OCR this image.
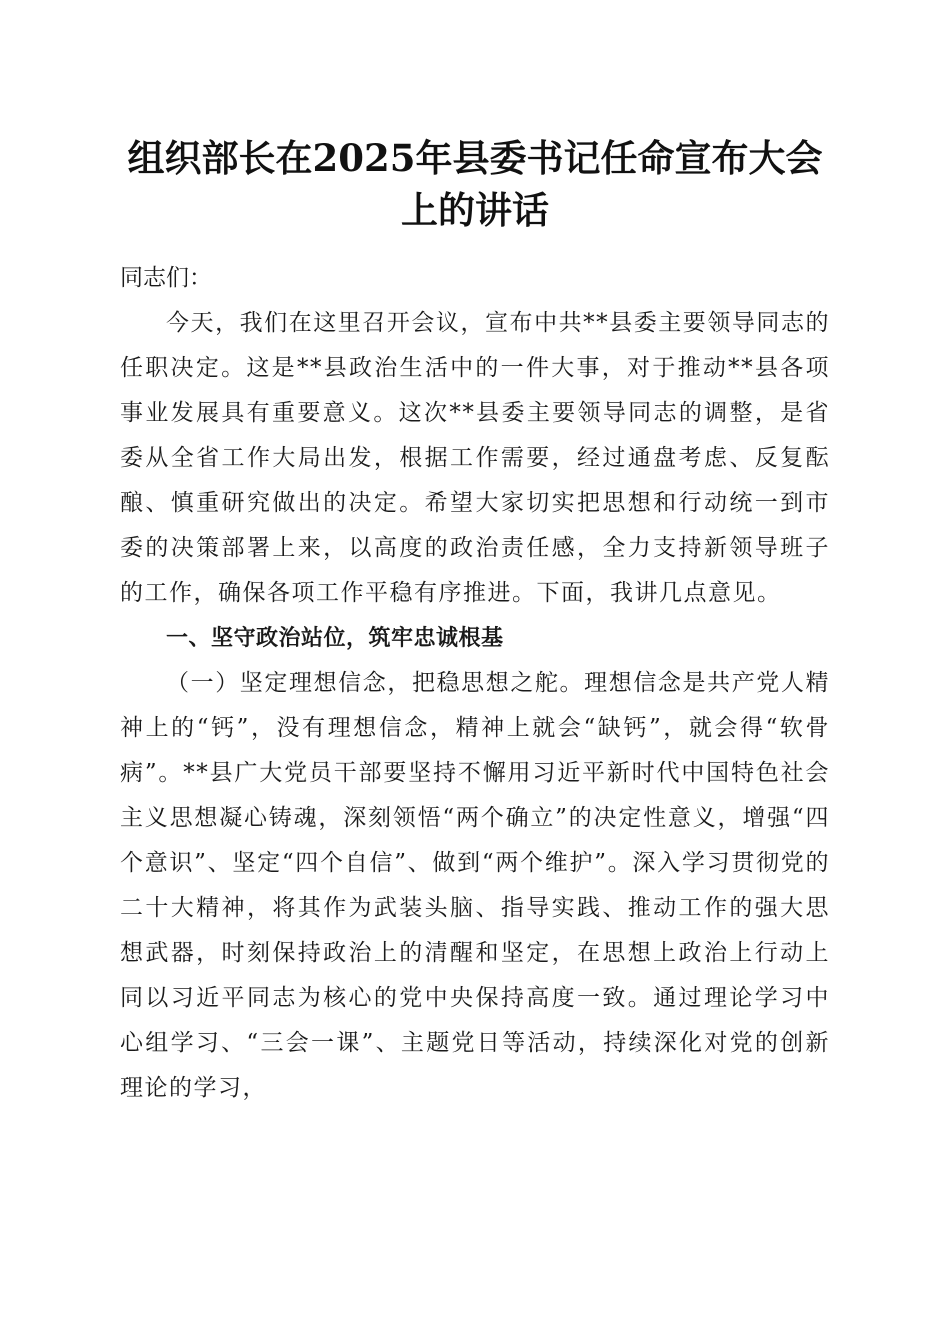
组织部长在2025年县委书记任命宣布大会上的讲话

同志们：

今天，我们在这里召开会议，宣布中共**县委主要领导同志的任职决定。这是**县政治生活中的一件大事，对于推动**县各项事业发展具有重要意义。这次**县委主要领导同志的调整，是省委从全省工作大局出发，根据工作需要，经过通盘考虑、反复酝酿、慎重研究做出的决定。希望大家切实把思想和行动统一到市委的决策部署上来，以高度的政治责任感，全力支持新领导班子的工作，确保各项工作平稳有序推进。下面，我讲几点意见。

一、坚守政治站位，筑牢忠诚根基

（一）坚定理想信念，把稳思想之舵。理想信念是共产党人精神上的“钙”，没有理想信念，精神上就会“缺钙”，就会得“软骨病”。**县广大党员干部要坚持不懈用习近平新时代中国特色社会主义思想凝心铸魂，深刻领悟“两个确立”的决定性意义，增强“四个意识”、坚定“四个自信”、做到“两个维护”。深入学习贯彻党的二十大精神，将其作为武装头脑、指导实践、推动工作的强大思想武器，时刻保持政治上的清醒和坚定，在思想上政治上行动上同以习近平同志为核心的党中央保持高度一致。通过理论学习中心组学习、“三会一课”、主题党日等活动，持续深化对党的创新理论的学习，
